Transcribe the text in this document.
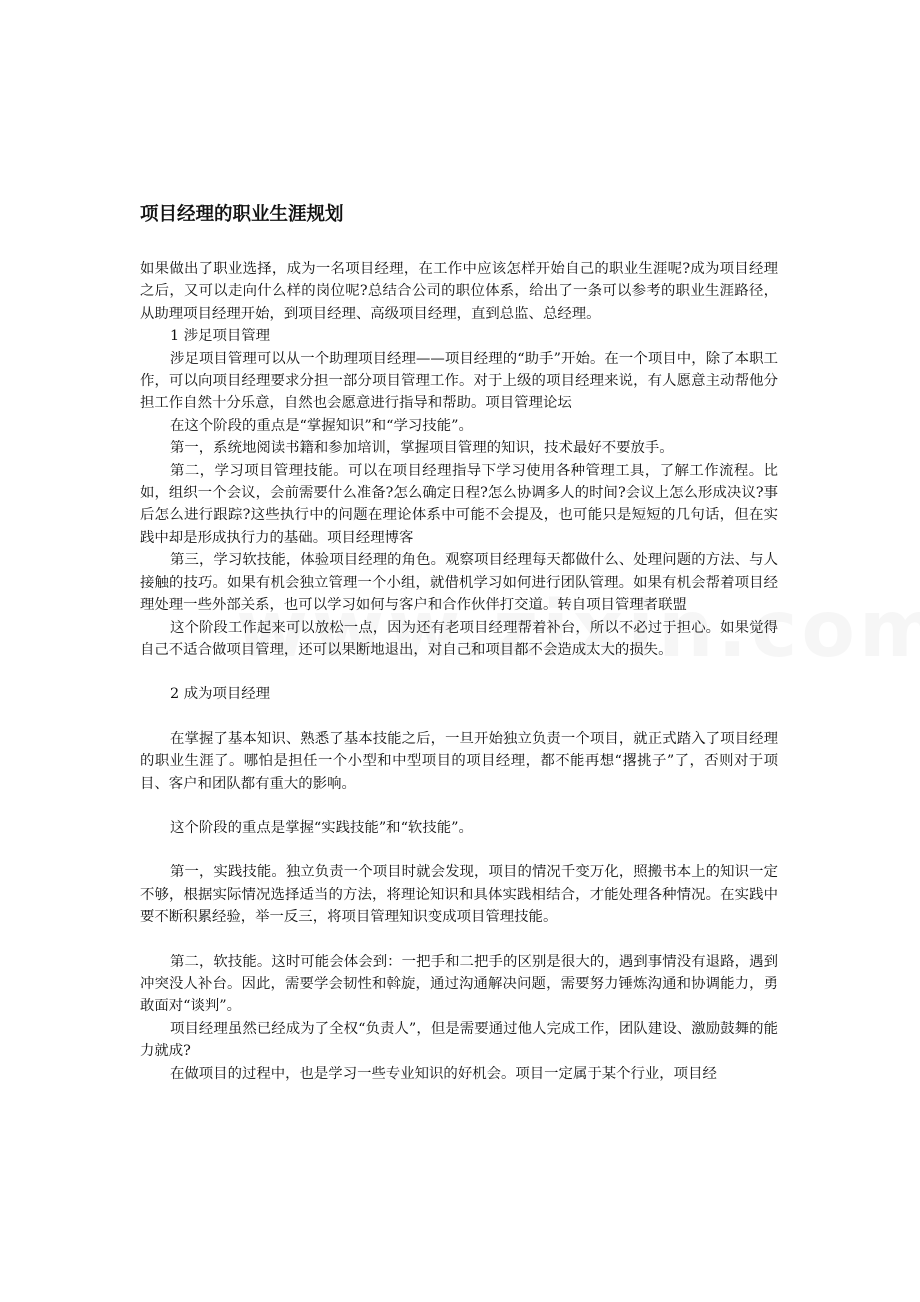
项目经理的职业生涯规划

如果做出了职业选择，成为一名项目经理，在工作中应该怎样开始自己的职业生涯呢?成为项目经理之后，又可以走向什么样的岗位呢?总结合公司的职位体系，给出了一条可以参考的职业生涯路径，从助理项目经理开始，到项目经理、高级项目经理，直到总监、总经理。

1 涉足项目管理

涉足项目管理可以从一个助理项目经理——项目经理的“助手”开始。在一个项目中，除了本职工作，可以向项目经理要求分担一部分项目管理工作。对于上级的项目经理来说，有人愿意主动帮他分担工作自然十分乐意，自然也会愿意进行指导和帮助。项目管理论坛

在这个阶段的重点是“掌握知识”和“学习技能”。

第一，系统地阅读书籍和参加培训，掌握项目管理的知识，技术最好不要放手。

第二，学习项目管理技能。可以在项目经理指导下学习使用各种管理工具，了解工作流程。比如，组织一个会议，会前需要什么准备?怎么确定日程?怎么协调多人的时间?会议上怎么形成决议?事后怎么进行跟踪?这些执行中的问题在理论体系中可能不会提及，也可能只是短短的几句话，但在实践中却是形成执行力的基础。项目经理博客

第三，学习软技能，体验项目经理的角色。观察项目经理每天都做什么、处理问题的方法、与人接触的技巧。如果有机会独立管理一个小组，就借机学习如何进行团队管理。如果有机会帮着项目经理处理一些外部关系，也可以学习如何与客户和合作伙伴打交道。转自项目管理者联盟

这个阶段工作起来可以放松一点，因为还有老项目经理帮着补台，所以不必过于担心。如果觉得自己不适合做项目管理，还可以果断地退出，对自己和项目都不会造成太大的损失。

2 成为项目经理

在掌握了基本知识、熟悉了基本技能之后，一旦开始独立负责一个项目，就正式踏入了项目经理的职业生涯了。哪怕是担任一个小型和中型项目的项目经理，都不能再想“撂挑子”了，否则对于项目、客户和团队都有重大的影响。

这个阶段的重点是掌握“实践技能”和“软技能”。

第一，实践技能。独立负责一个项目时就会发现，项目的情况千变万化，照搬书本上的知识一定不够，根据实际情况选择适当的方法，将理论知识和具体实践相结合，才能处理各种情况。在实践中要不断积累经验，举一反三，将项目管理知识变成项目管理技能。

第二，软技能。这时可能会体会到：一把手和二把手的区别是很大的，遇到事情没有退路，遇到冲突没人补台。因此，需要学会韧性和斡旋，通过沟通解决问题，需要努力锤炼沟通和协调能力，勇敢面对“谈判”。

项目经理虽然已经成为了全权“负责人”，但是需要通过他人完成工作，团队建设、激励鼓舞的能力就成?

在做项目的过程中，也是学习一些专业知识的好机会。项目一定属于某个行业，项目经
